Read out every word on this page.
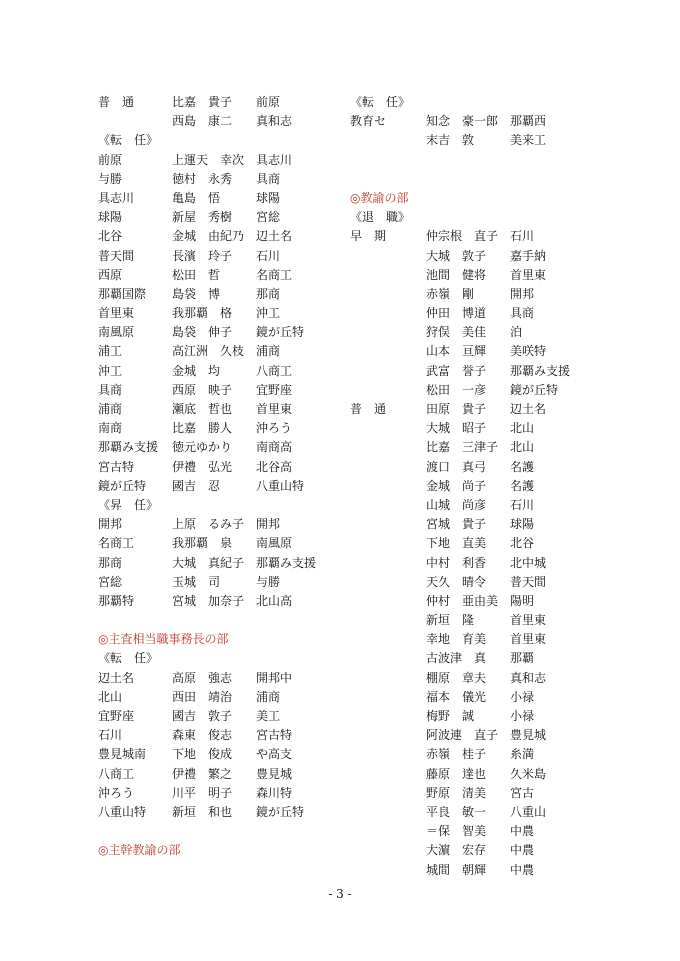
普　通	比嘉　貴子 前原
西島　康二 真和志
《転　任》
前原	上運天　幸次 具志川
与勝	徳村　永秀 具商
具志川	亀島　悟	球陽
球陽	新屋　秀樹 宮総
北谷	金城　由紀乃 辺土名
普天間	長濱　玲子 石川
西原	松田　哲	名商工
那覇国際 島袋　博	那商
首里東	我那覇　格 沖工
南風原	島袋　伸子 鏡が丘特
浦工	高江洲　久枝 浦商
沖工	金城　均	八商工
具商	西原　映子 宜野座
浦商	瀬底　哲也 首里東
南商	比嘉　勝人 沖ろう
那覇み支援 徳元ゆかり 南商高
宮古特	伊禮　弘光 北谷高
鏡が丘特 國吉　忍	八重山特
《昇　任》
開邦	上原　るみ子 開邦
名商工	我那覇　泉 南風原
那商	大城　真紀子 那覇み支援
宮総	玉城　司	与勝
那覇特	宮城　加奈子 北山高
◎主査相当職事務長の部
《転　任》
辺土名	高原　強志 開邦中
北山	西田　靖治 浦商
宜野座	國吉　敦子 美工
石川	森東　俊志 宮古特
豊見城南 下地　俊成 や高支
八商工	伊禮　繁之 豊見城
沖ろう	川平　明子 森川特
八重山特 新垣　和也 鏡が丘特
◎主幹教諭の部
《転　任》
教育セ	知念　豪一郎 那覇西
末吉　敦	美来工
◎教諭の部
《退　職》
早　期	仲宗根　直子 石川
大城　敦子 嘉手納
池間　健将 首里東
赤嶺　剛	開邦
仲田　博道 具商
狩俣　美佳 泊
山本　亘輝 美咲特
武富　誉子 那覇み支援
松田　一彦 鏡が丘特
普　通	田原　貴子 辺土名
大城　昭子 北山
比嘉　三津子 北山
渡口　真弓 名護
金城　尚子 名護
山城　尚彦 石川
宮城　貴子 球陽
下地　直美 北谷
中村　利香 北中城
天久　晴令 普天間
仲村　亜由美 陽明
新垣　隆	首里東
幸地　育美 首里東
古波津　真 那覇
棚原　章夫 真和志
福本　儀光 小禄
梅野　誠	小禄
阿波連　直子 豊見城
赤嶺　桂子 糸満
藤原　達也 久米島
野原　清美 宮古
平良　敏一 八重山
＝保　智美 中農
大濵　宏存 中農
城間　朝輝 中農
- 3 -
